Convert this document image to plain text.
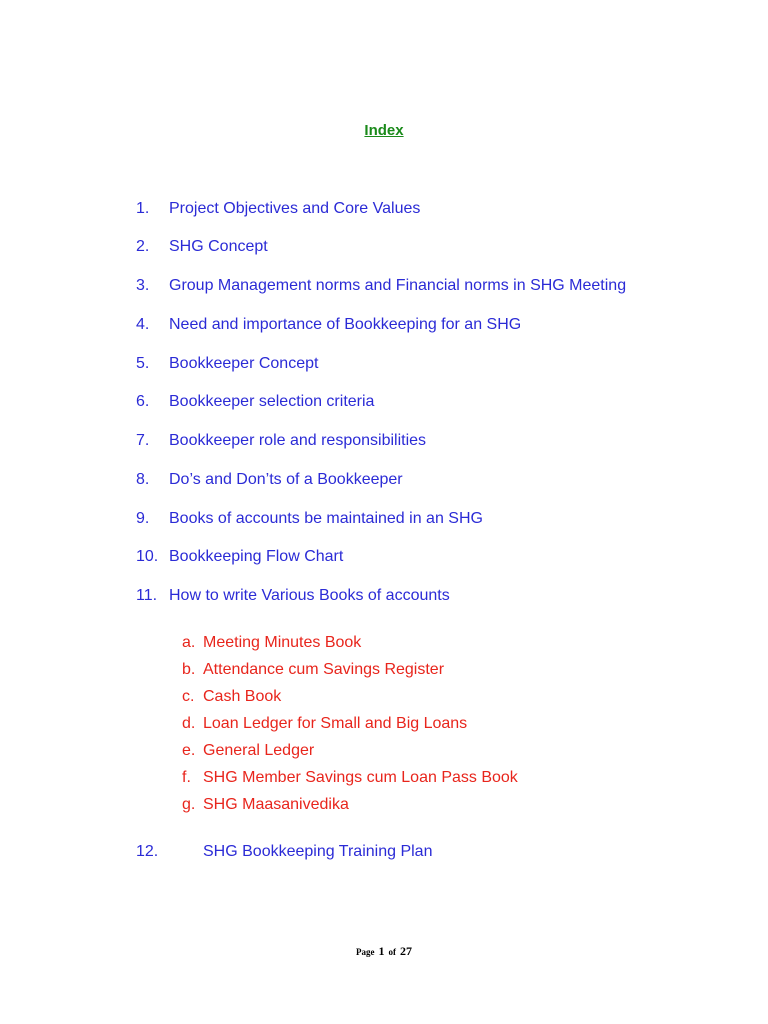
Index
1. Project Objectives and Core Values
2. SHG Concept
3. Group Management norms and Financial norms in SHG Meeting
4. Need and importance of Bookkeeping for an SHG
5. Bookkeeper Concept
6. Bookkeeper selection criteria
7. Bookkeeper role and responsibilities
8. Do’s and Don’ts of a Bookkeeper
9. Books of accounts be maintained in an SHG
10. Bookkeeping Flow Chart
11. How to write Various Books of accounts
a. Meeting Minutes Book
b. Attendance cum Savings Register
c. Cash Book
d. Loan Ledger for Small and Big Loans
e. General Ledger
f. SHG Member Savings cum Loan Pass Book
g. SHG Maasanivedika
12.	SHG Bookkeeping Training Plan
Page 1 of 27
